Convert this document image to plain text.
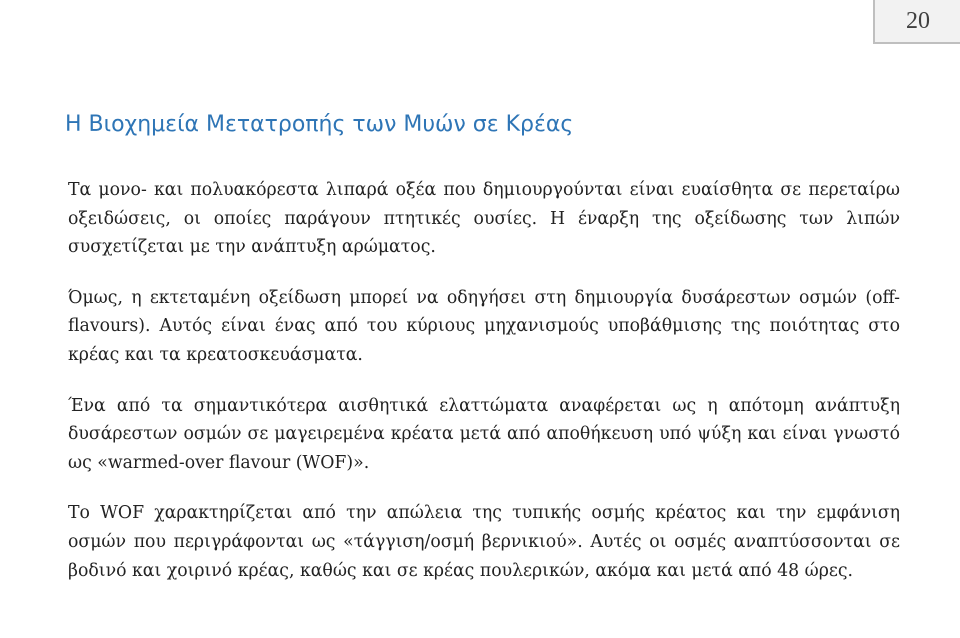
20
Η Βιοχημεία Μετατροπής των Μυών σε Κρέας

Τα μονο- και πολυακόρεστα λιπαρά οξέα που δημιουργούνται είναι ευαίσθητα σε περεταίρω οξειδώσεις, οι οποίες παράγουν πτητικές ουσίες. Η έναρξη της οξείδωσης των λιπών συσχετίζεται με την ανάπτυξη αρώματος.

Όμως, η εκτεταμένη οξείδωση μπορεί να οδηγήσει στη δημιουργία δυσάρεστων οσμών (off-flavours). Αυτός είναι ένας από του κύριους μηχανισμούς υποβάθμισης της ποιότητας στο κρέας και τα κρεατοσκευάσματα.

Ένα από τα σημαντικότερα αισθητικά ελαττώματα αναφέρεται ως η απότομη ανάπτυξη δυσάρεστων οσμών σε μαγειρεμένα κρέατα μετά από αποθήκευση υπό ψύξη και είναι γνωστό ως «warmed-over flavour (WOF)».

Το WOF χαρακτηρίζεται από την απώλεια της τυπικής οσμής κρέατος και την εμφάνιση οσμών που περιγράφονται ως «τάγγιση/οσμή βερνικιού». Αυτές οι οσμές αναπτύσσονται σε βοδινό και χοιρινό κρέας, καθώς και σε κρέας πουλερικών, ακόμα και μετά από 48 ώρες.
